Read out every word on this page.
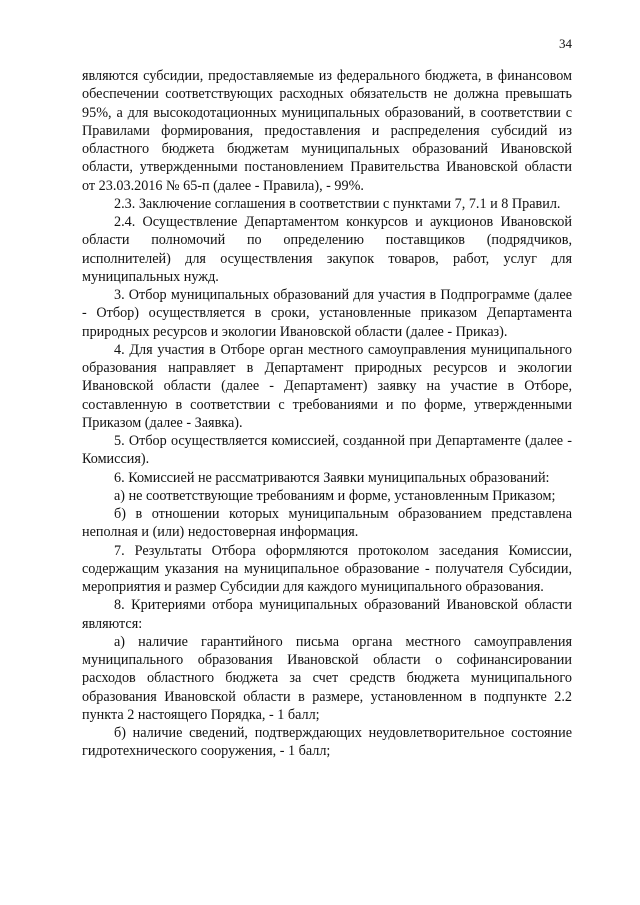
34

являются субсидии, предоставляемые из федерального бюджета, в финансовом обеспечении соответствующих расходных обязательств не должна превышать 95%, а для высокодотационных муниципальных образований, в соответствии с Правилами формирования, предоставления и распределения субсидий из областного бюджета бюджетам муниципальных образований Ивановской области, утвержденными постановлением Правительства Ивановской области от 23.03.2016 № 65-п (далее - Правила), - 99%.

2.3. Заключение соглашения в соответствии с пунктами 7, 7.1 и 8 Правил.

2.4. Осуществление Департаментом конкурсов и аукционов Ивановской области полномочий по определению поставщиков (подрядчиков, исполнителей) для осуществления закупок товаров, работ, услуг для муниципальных нужд.

3. Отбор муниципальных образований для участия в Подпрограмме (далее - Отбор) осуществляется в сроки, установленные приказом Департамента природных ресурсов и экологии Ивановской области (далее - Приказ).

4. Для участия в Отборе орган местного самоуправления муниципального образования направляет в Департамент природных ресурсов и экологии Ивановской области (далее - Департамент) заявку на участие в Отборе, составленную в соответствии с требованиями и по форме, утвержденными Приказом (далее - Заявка).

5. Отбор осуществляется комиссией, созданной при Департаменте (далее - Комиссия).

6. Комиссией не рассматриваются Заявки муниципальных образований:

а) не соответствующие требованиям и форме, установленным Приказом;

б) в отношении которых муниципальным образованием представлена неполная и (или) недостоверная информация.

7. Результаты Отбора оформляются протоколом заседания Комиссии, содержащим указания на муниципальное образование - получателя Субсидии, мероприятия и размер Субсидии для каждого муниципального образования.

8. Критериями отбора муниципальных образований Ивановской области являются:

а) наличие гарантийного письма органа местного самоуправления муниципального образования Ивановской области о софинансировании расходов областного бюджета за счет средств бюджета муниципального образования Ивановской области в размере, установленном в подпункте 2.2 пункта 2 настоящего Порядка, - 1 балл;

б) наличие сведений, подтверждающих неудовлетворительное состояние гидротехнического сооружения, - 1 балл;
